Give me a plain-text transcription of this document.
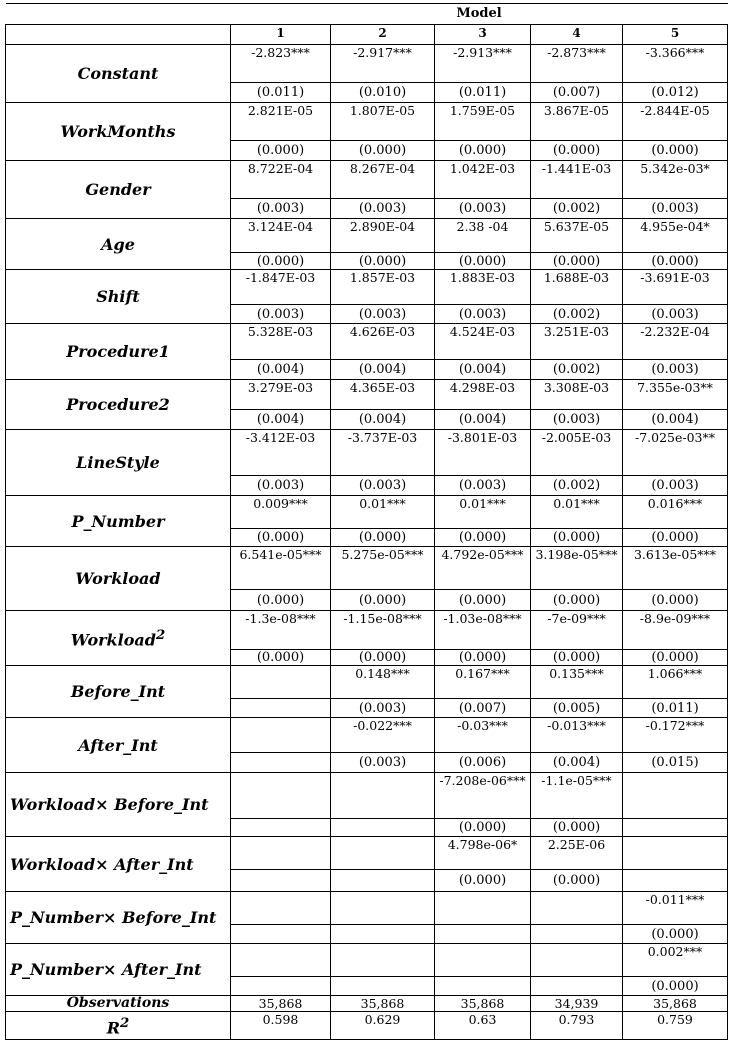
	Model				
	1	2	3	4	5
Constant	-2.823***	-2.917***	-2.913***	-2.873***	-3.366***
	(0.011)	(0.010)	(0.011)	(0.007)	(0.012)
WorkMonths	2.821E-05	1.807E-05	1.759E-05	3.867E-05	-2.844E-05
	(0.000)	(0.000)	(0.000)	(0.000)	(0.000)
Gender	8.722E-04	8.267E-04	1.042E-03	-1.441E-03	5.342e-03*
	(0.003)	(0.003)	(0.003)	(0.002)	(0.003)
Age	3.124E-04	2.890E-04	2.38 -04	5.637E-05	4.955e-04*
	(0.000)	(0.000)	(0.000)	(0.000)	(0.000)
Shift	-1.847E-03	1.857E-03	1.883E-03	1.688E-03	-3.691E-03
	(0.003)	(0.003)	(0.003)	(0.002)	(0.003)
Procedure1	5.328E-03	4.626E-03	4.524E-03	3.251E-03	-2.232E-04
	(0.004)	(0.004)	(0.004)	(0.002)	(0.003)
Procedure2	3.279E-03	4.365E-03	4.298E-03	3.308E-03	7.355e-03**
	(0.004)	(0.004)	(0.004)	(0.003)	(0.004)
LineStyle	-3.412E-03	-3.737E-03	-3.801E-03	-2.005E-03	-7.025e-03**
	(0.003)	(0.003)	(0.003)	(0.002)	(0.003)
P_Number	0.009***	0.01***	0.01***	0.01***	0.016***
	(0.000)	(0.000)	(0.000)	(0.000)	(0.000)
Workload	6.541e-05***	5.275e-05***	4.792e-05***	3.198e-05***	3.613e-05***
	(0.000)	(0.000)	(0.000)	(0.000)	(0.000)
Workload$^2$	-1.3e-08***	-1.15e-08***	-1.03e-08***	-7e-09***	-8.9e-09***
	(0.000)	(0.000)	(0.000)	(0.000)	(0.000)
Before_Int		0.148***	0.167***	0.135***	1.066***
		(0.003)	(0.007)	(0.005)	(0.011)
After_Int		-0.022***	-0.03***	-0.013***	-0.172***
		(0.003)	(0.006)	(0.004)	(0.015)
Workload× Before_Int			-7.208e-06***	-1.1e-05***	
			(0.000)	(0.000)	
Workload× After_Int			4.798e-06*	2.25E-06	
			(0.000)	(0.000)	
P_Number× Before_Int					-0.011***
					(0.000)
P_Number× After_Int					0.002***
					(0.000)
Observations	35,868	35,868	35,868	34,939	35,868
$R^2$	0.598	0.629	0.63	0.793	0.759
